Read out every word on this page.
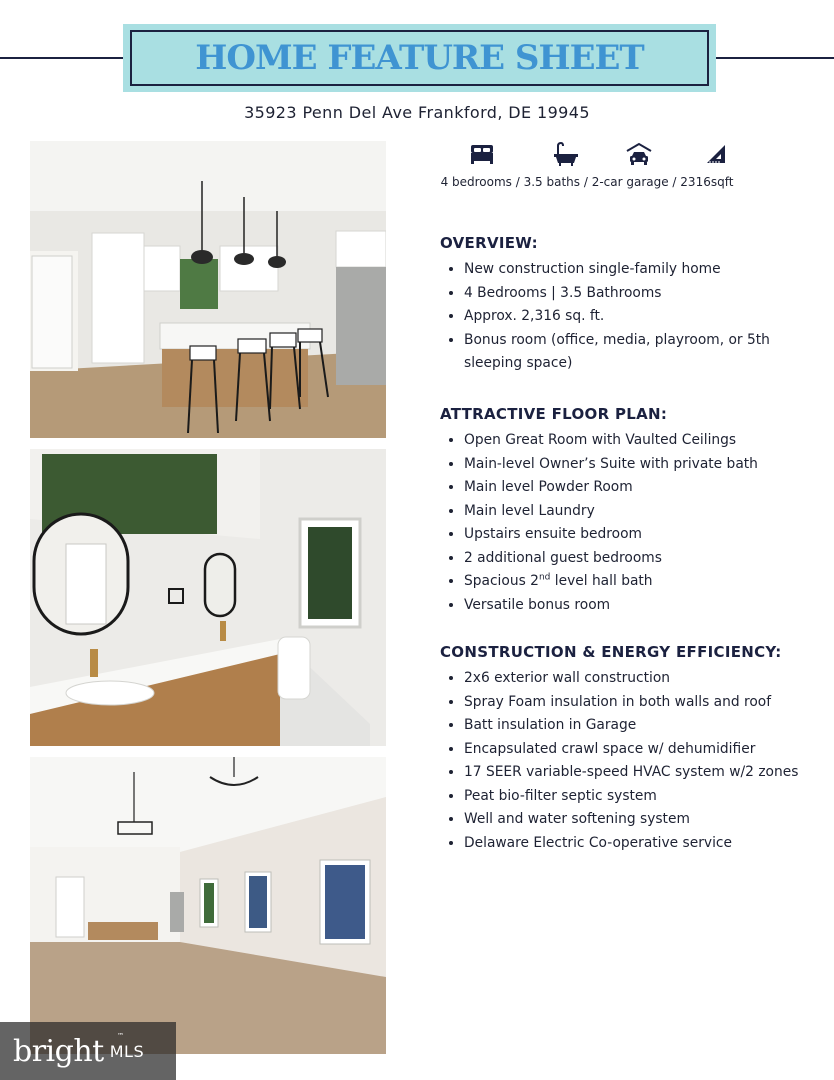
HOME FEATURE SHEET
35923 Penn Del Ave Frankford, DE 19945
4 bedrooms / 3.5 baths / 2-car garage / 2316sqft
OVERVIEW:
• New construction single-family home
• 4 Bedrooms | 3.5 Bathrooms
• Approx. 2,316 sq. ft.
• Bonus room (office, media, playroom, or 5th sleeping space)
ATTRACTIVE FLOOR PLAN:
• Open Great Room with Vaulted Ceilings
• Main-level Owner’s Suite with private bath
• Main level Powder Room
• Main level Laundry
• Upstairs ensuite bedroom
• 2 additional guest bedrooms
• Spacious 2nd level hall bath
• Versatile bonus room
CONSTRUCTION & ENERGY EFFICIENCY:
• 2x6 exterior wall construction
• Spray Foam insulation in both walls and roof
• Batt insulation in Garage
• Encapsulated crawl space w/ dehumidifier
• 17 SEER variable-speed HVAC system w/2 zones
• Peat bio-filter septic system
• Well and water softening system
• Delaware Electric Co-operative service
bright MLS
™
